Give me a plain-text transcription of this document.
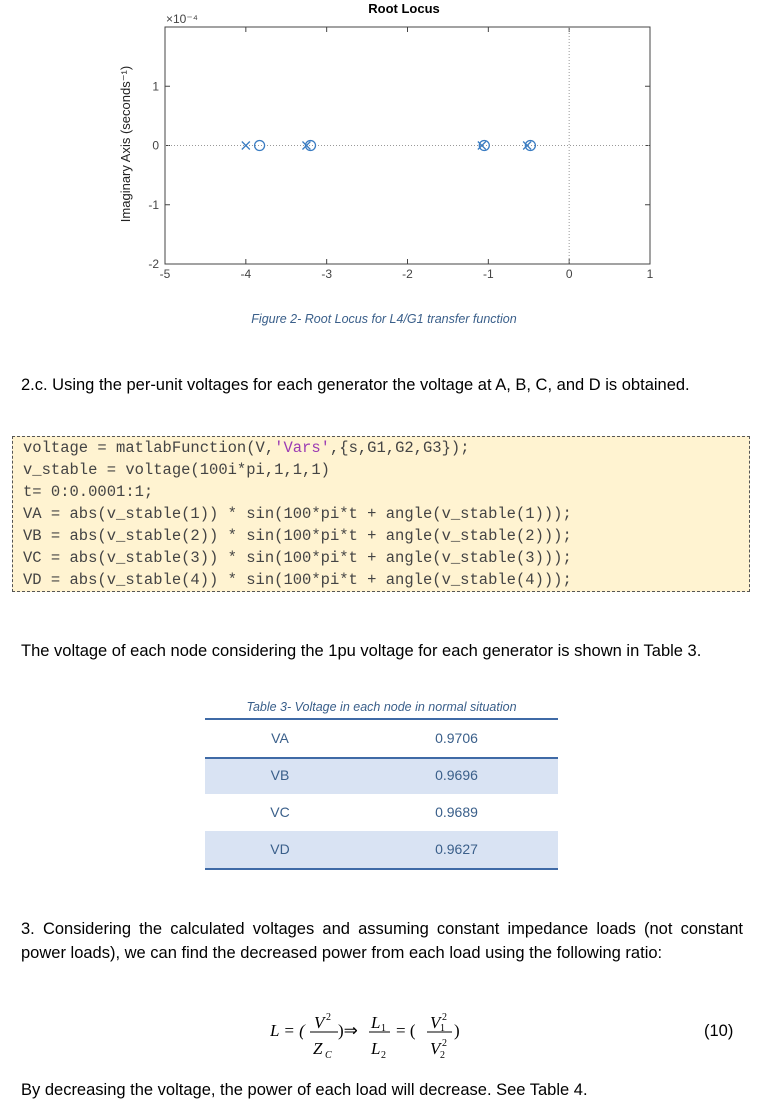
Root Locus
×10⁻⁴
Imaginary Axis (seconds⁻¹)
-5	-4	-3	-2	-1	0	1
-2
-1
0
1
Figure 2- Root Locus for L4/G1 transfer function
2.c. Using the per-unit voltages for each generator the voltage at A, B, C, and D is obtained.
voltage = matlabFunction(V,'Vars',{s,G1,G2,G3});
v_stable = voltage(100i*pi,1,1,1)
t= 0:0.0001:1;
VA = abs(v_stable(1)) * sin(100*pi*t + angle(v_stable(1)));
VB = abs(v_stable(2)) * sin(100*pi*t + angle(v_stable(2)));
VC = abs(v_stable(3)) * sin(100*pi*t + angle(v_stable(3)));
VD = abs(v_stable(4)) * sin(100*pi*t + angle(v_stable(4)));
The voltage of each node considering the 1pu voltage for each generator is shown in Table 3.
Table 3- Voltage in each node in normal situation
VA	0.9706
VB	0.9696
VC	0.9689
VD	0.9627
3. Considering the calculated voltages and assuming constant impedance loads (not constant power loads), we can find the decreased power from each load using the following ratio:
L = ( V 2
Z C
)⇒ L 1
L 2
= ( V 2
1
V 2
2
)	(10)
By decreasing the voltage, the power of each load will decrease. See Table 4.
